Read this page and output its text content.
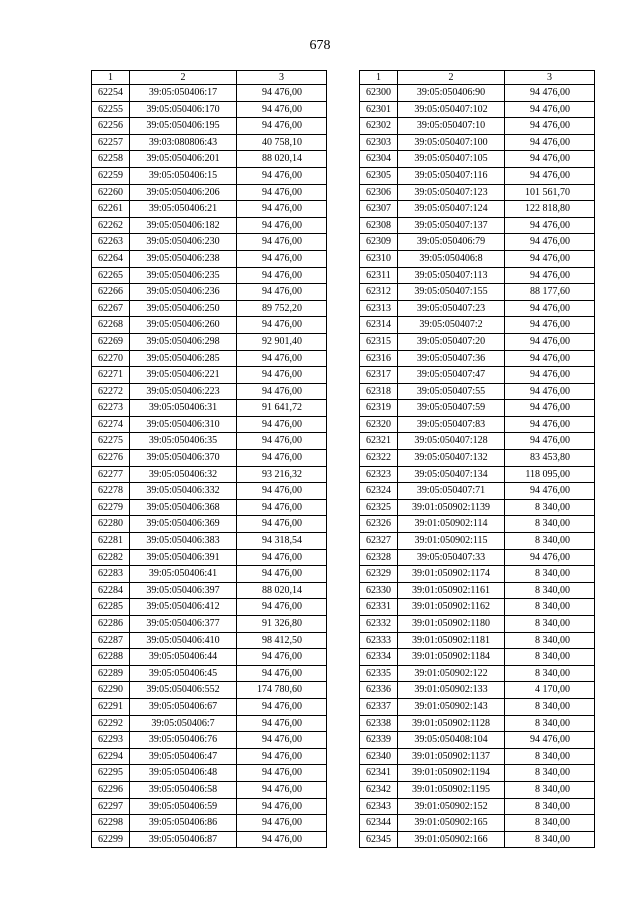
678
1	2	3
62254	39:05:050406:17	94 476,00
62255	39:05:050406:170	94 476,00
62256	39:05:050406:195	94 476,00
62257	39:03:080806:43	40 758,10
62258	39:05:050406:201	88 020,14
62259	39:05:050406:15	94 476,00
62260	39:05:050406:206	94 476,00
62261	39:05:050406:21	94 476,00
62262	39:05:050406:182	94 476,00
62263	39:05:050406:230	94 476,00
62264	39:05:050406:238	94 476,00
62265	39:05:050406:235	94 476,00
62266	39:05:050406:236	94 476,00
62267	39:05:050406:250	89 752,20
62268	39:05:050406:260	94 476,00
62269	39:05:050406:298	92 901,40
62270	39:05:050406:285	94 476,00
62271	39:05:050406:221	94 476,00
62272	39:05:050406:223	94 476,00
62273	39:05:050406:31	91 641,72
62274	39:05:050406:310	94 476,00
62275	39:05:050406:35	94 476,00
62276	39:05:050406:370	94 476,00
62277	39:05:050406:32	93 216,32
62278	39:05:050406:332	94 476,00
62279	39:05:050406:368	94 476,00
62280	39:05:050406:369	94 476,00
62281	39:05:050406:383	94 318,54
62282	39:05:050406:391	94 476,00
62283	39:05:050406:41	94 476,00
62284	39:05:050406:397	88 020,14
62285	39:05:050406:412	94 476,00
62286	39:05:050406:377	91 326,80
62287	39:05:050406:410	98 412,50
62288	39:05:050406:44	94 476,00
62289	39:05:050406:45	94 476,00
62290	39:05:050406:552	174 780,60
62291	39:05:050406:67	94 476,00
62292	39:05:050406:7	94 476,00
62293	39:05:050406:76	94 476,00
62294	39:05:050406:47	94 476,00
62295	39:05:050406:48	94 476,00
62296	39:05:050406:58	94 476,00
62297	39:05:050406:59	94 476,00
62298	39:05:050406:86	94 476,00
62299	39:05:050406:87	94 476,00
1	2	3
62300	39:05:050406:90	94 476,00
62301	39:05:050407:102	94 476,00
62302	39:05:050407:10	94 476,00
62303	39:05:050407:100	94 476,00
62304	39:05:050407:105	94 476,00
62305	39:05:050407:116	94 476,00
62306	39:05:050407:123	101 561,70
62307	39:05:050407:124	122 818,80
62308	39:05:050407:137	94 476,00
62309	39:05:050406:79	94 476,00
62310	39:05:050406:8	94 476,00
62311	39:05:050407:113	94 476,00
62312	39:05:050407:155	88 177,60
62313	39:05:050407:23	94 476,00
62314	39:05:050407:2	94 476,00
62315	39:05:050407:20	94 476,00
62316	39:05:050407:36	94 476,00
62317	39:05:050407:47	94 476,00
62318	39:05:050407:55	94 476,00
62319	39:05:050407:59	94 476,00
62320	39:05:050407:83	94 476,00
62321	39:05:050407:128	94 476,00
62322	39:05:050407:132	83 453,80
62323	39:05:050407:134	118 095,00
62324	39:05:050407:71	94 476,00
62325	39:01:050902:1139	8 340,00
62326	39:01:050902:114	8 340,00
62327	39:01:050902:115	8 340,00
62328	39:05:050407:33	94 476,00
62329	39:01:050902:1174	8 340,00
62330	39:01:050902:1161	8 340,00
62331	39:01:050902:1162	8 340,00
62332	39:01:050902:1180	8 340,00
62333	39:01:050902:1181	8 340,00
62334	39:01:050902:1184	8 340,00
62335	39:01:050902:122	8 340,00
62336	39:01:050902:133	4 170,00
62337	39:01:050902:143	8 340,00
62338	39:01:050902:1128	8 340,00
62339	39:05:050408:104	94 476,00
62340	39:01:050902:1137	8 340,00
62341	39:01:050902:1194	8 340,00
62342	39:01:050902:1195	8 340,00
62343	39:01:050902:152	8 340,00
62344	39:01:050902:165	8 340,00
62345	39:01:050902:166	8 340,00
